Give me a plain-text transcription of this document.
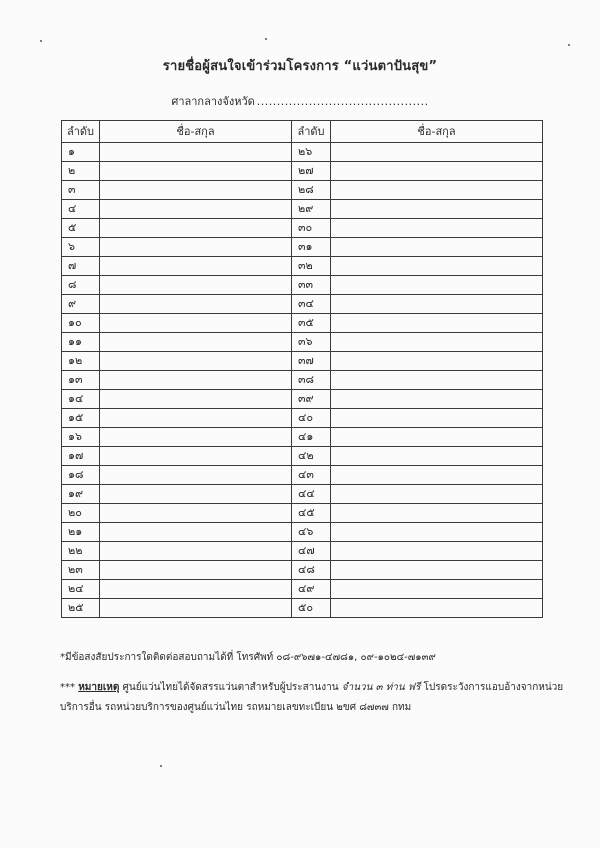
รายชื่อผู้สนใจเข้าร่วมโครงการ “แว่นตาปันสุข”
ศาลากลางจังหวัด ...........................................
ลำดับ	ชื่อ-สกุล	ลำดับ	ชื่อ-สกุล
๑		๒๖	
๒		๒๗	
๓		๒๘	
๔		๒๙	
๕		๓๐	
๖		๓๑	
๗		๓๒	
๘		๓๓	
๙		๓๔	
๑๐		๓๕	
๑๑		๓๖	
๑๒		๓๗	
๑๓		๓๘	
๑๔		๓๙	
๑๕		๔๐	
๑๖		๔๑	
๑๗		๔๒	
๑๘		๔๓	
๑๙		๔๔	
๒๐		๔๕	
๒๑		๔๖	
๒๒		๔๗	
๒๓		๔๘	
๒๔		๔๙	
๒๕		๕๐	
*มีข้อสงสัยประการใดติดต่อสอบถามได้ที่ โทรศัพท์ ๐๘-๙๖๗๑-๔๗๘๑, ๐๙-๑๐๒๔-๗๑๓๙
*** หมายเหตุ ศูนย์แว่นไทยได้จัดสรรแว่นตาสำหรับผู้ประสานงาน จำนวน ๓ ท่าน ฟรี โปรดระวังการแอบอ้างจากหน่วยบริการอื่น รถหน่วยบริการของศูนย์แว่นไทย รถหมายเลขทะเบียน ๒ขศ ๘๗๓๗ กทม
